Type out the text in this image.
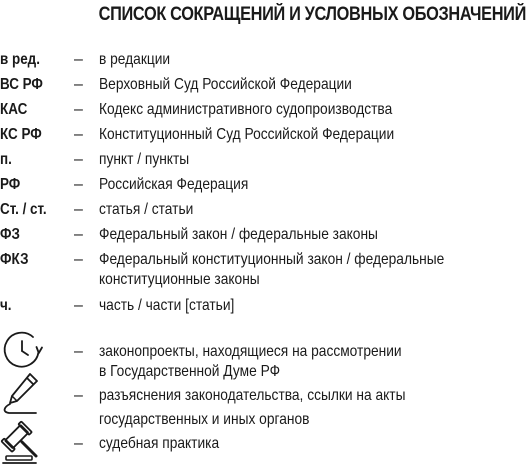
СПИСОК СОКРАЩЕНИЙ И УСЛОВНЫХ ОБОЗНАЧЕНИЙ
в ред. – в редакции
ВС РФ – Верховный Суд Российской Федерации
КАС	– Кодекс административного судопроизводства
КС РФ – Конституционный Суд Российской Федерации
п.	– пункт / пункты
РФ	– Российская Федерация
Ст. / ст. – статья / статьи
ФЗ	– Федеральный закон / федеральные законы
ФКЗ	– Федеральный конституционный закон / федеральные
конституционные законы
ч.	– часть / части [статьи]
– законопроекты, находящиеся на рассмотрении
в Государственной Думе РФ
– разъяснения законодательства, ссылки на акты
государственных и иных органов
– судебная практика
